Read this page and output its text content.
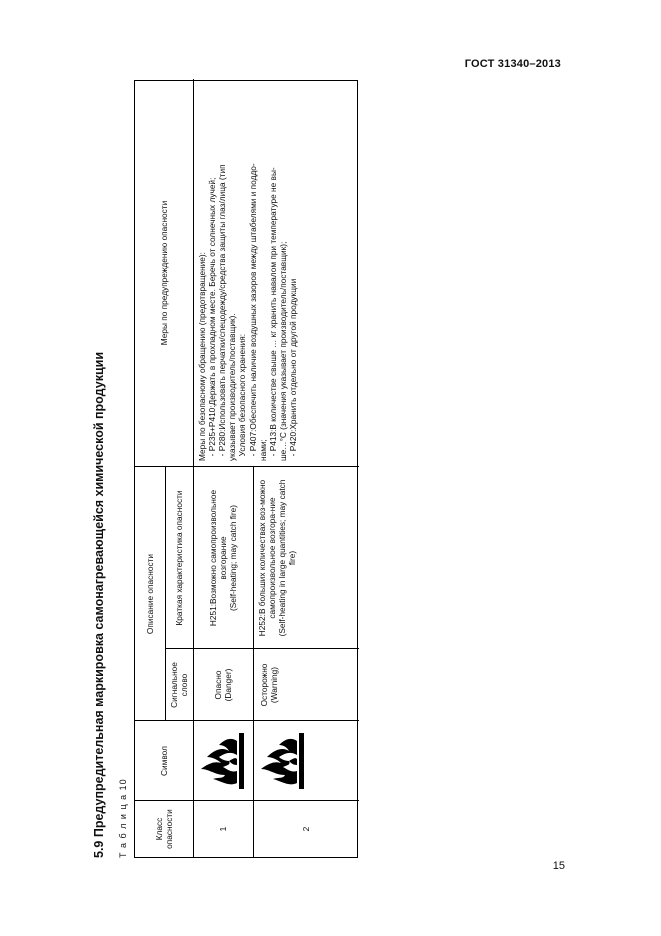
ГОСТ 31340–2013
5.9 Предупредительная маркировка самонагревающейся химической продукции Т а б л и ц а 10	Класс опасности
Символ
Описание опасности
Сигнальное слово
Краткая характеристика опасности
Меры по предупреждению опасности
1
Опасно
(Danger)
H251:Возможно самопроизвольное возгорание
(Self-heating; may catch fire)
2
Осторожно
(Warning)
H252:В больших количествах воз-можно самопроизвольное возгора-ние
(Self-heating in large quantities; may catch fire)
Меры по безопасному обращению (предотвращение):
- P235+P410:Держать в прохладном месте. Беречь от солнечных лучей;
- P280:Использовать перчатки/спецодежду/средства защиты глаз/лица (тип
указывает производитель/поставщик).
Условия безопасного хранения:
- P407:Обеспечить наличие воздушных зазоров между штабелями и поддо-
нами;
- P413:В количестве свыше … кг хранить навалом при температуре не вы-
ше…°С (значения указывает производитель/поставщик);
- P420:Хранить отдельно от другой продукции
15
